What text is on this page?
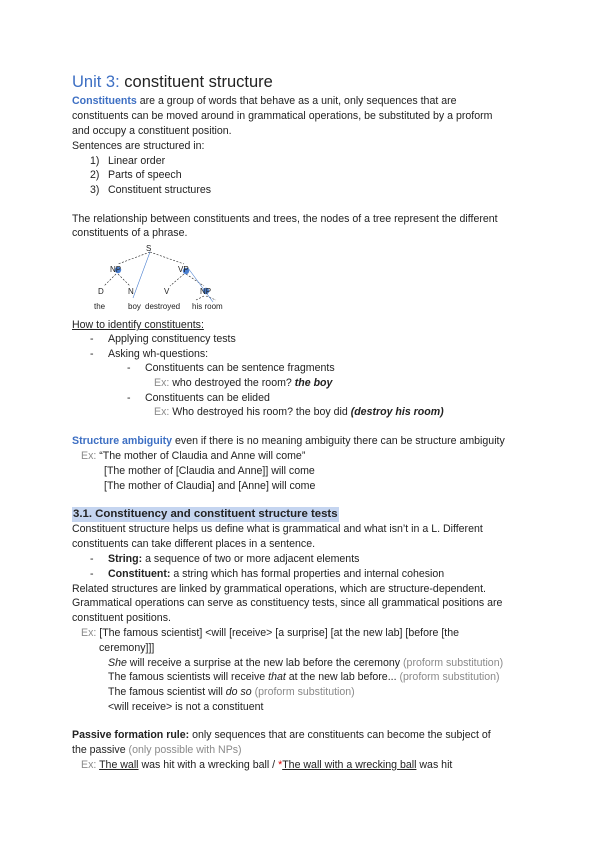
Unit 3: constituent structure
Constituents are a group of words that behave as a unit, only sequences that are
constituents can be moved around in grammatical operations, be substituted by a proform
and occupy a constituent position.
Sentences are structured in:
1) Linear order
2) Parts of speech
3) Constituent structures
The relationship between constituents and trees, the nodes of a tree represent the different
constituents of a phrase.
S
NP	VP
D	N	V	NP
the	boy destroyed his room
How to identify constituents:
- Applying constituency tests
- Asking wh-questions:
- Constituents can be sentence fragments
Ex: who destroyed the room? the boy
- Constituents can be elided
Ex: Who destroyed his room? the boy did (destroy his room)
Structure ambiguity even if there is no meaning ambiguity there can be structure ambiguity
Ex: “The mother of Claudia and Anne will come”
[The mother of [Claudia and Anne]] will come
[The mother of Claudia] and [Anne] will come
3.1. Constituency and constituent structure tests
Constituent structure helps us define what is grammatical and what isn’t in a L. Different
constituents can take different places in a sentence.
- String: a sequence of two or more adjacent elements
- Constituent: a string which has formal properties and internal cohesion
Related structures are linked by grammatical operations, which are structure-dependent.
Grammatical operations can serve as constituency tests, since all grammatical positions are
constituent positions.
Ex: [The famous scientist] <will [receive> [a surprise] [at the new lab] [before [the
ceremony]]]
She will receive a surprise at the new lab before the ceremony (proform substitution)
The famous scientists will receive that at the new lab before... (proform substitution)
The famous scientist will do so (proform substitution)
<will receive> is not a constituent
Passive formation rule: only sequences that are constituents can become the subject of
the passive (only possible with NPs)
Ex: The wall was hit with a wrecking ball / *The wall with a wrecking ball was hit
